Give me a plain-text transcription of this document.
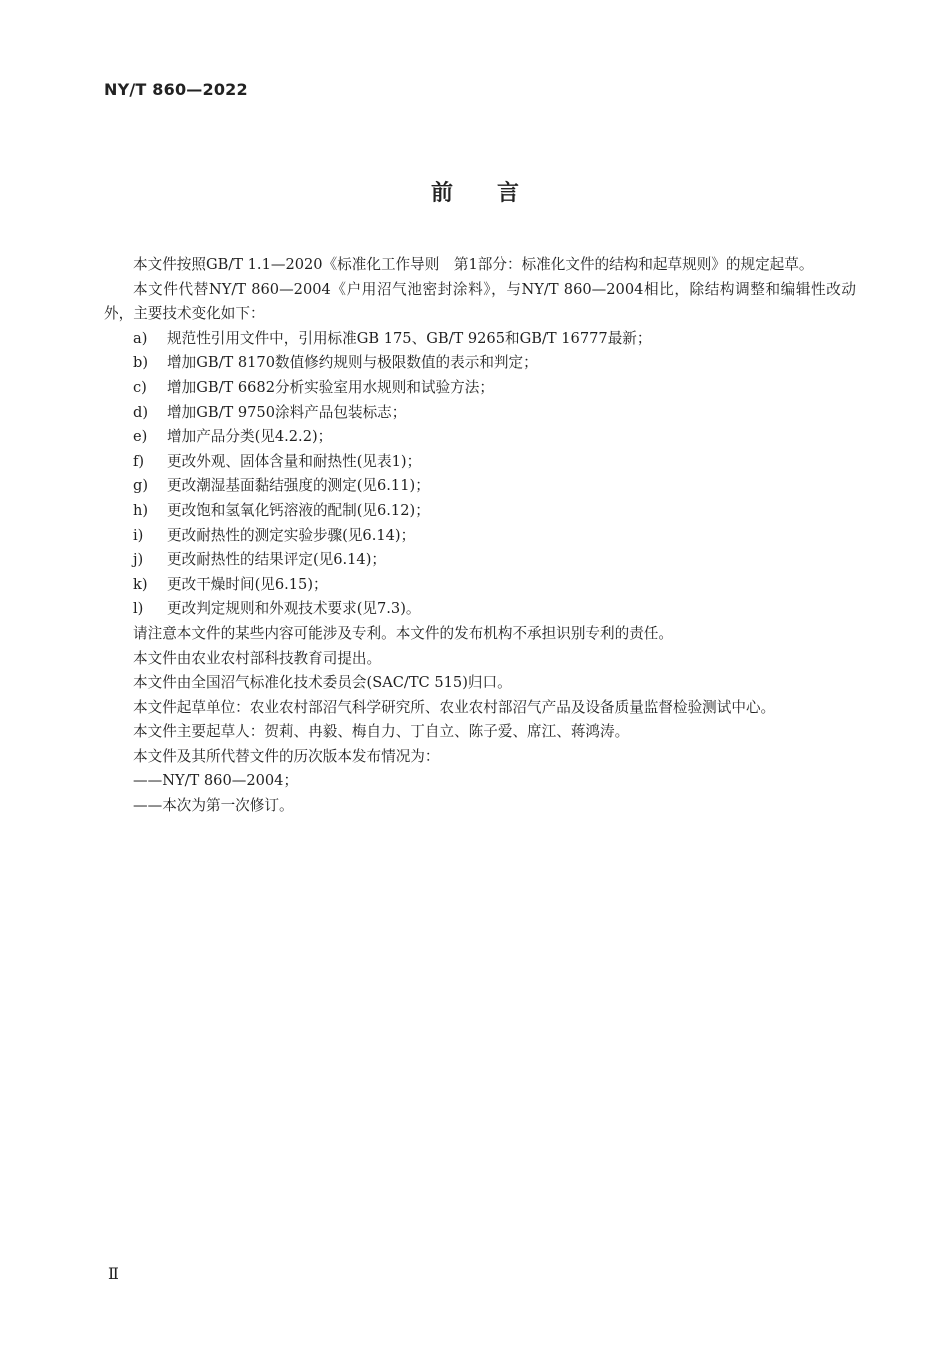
NY/T 860—2022
前言

本文件按照GB/T 1.1—2020《标准化工作导则　第1部分：标准化文件的结构和起草规则》的规定起草。

本文件代替NY/T 860—2004《户用沼气池密封涂料》，与NY/T 860—2004相比，除结构调整和编辑性改动外，主要技术变化如下：

a) 规范性引用文件中，引用标准GB 175、GB/T 9265和GB/T 16777最新；
b) 增加GB/T 8170数值修约规则与极限数值的表示和判定；
c) 增加GB/T 6682分析实验室用水规则和试验方法；
d) 增加GB/T 9750涂料产品包装标志；
e) 增加产品分类(见4.2.2)；
f) 更改外观、固体含量和耐热性(见表1)；
g) 更改潮湿基面黏结强度的测定(见6.11)；
h) 更改饱和氢氧化钙溶液的配制(见6.12)；
i) 更改耐热性的测定实验步骤(见6.14)；
j) 更改耐热性的结果评定(见6.14)；
k) 更改干燥时间(见6.15)；
l) 更改判定规则和外观技术要求(见7.3)。

请注意本文件的某些内容可能涉及专利。本文件的发布机构不承担识别专利的责任。

本文件由农业农村部科技教育司提出。

本文件由全国沼气标准化技术委员会(SAC/TC 515)归口。

本文件起草单位：农业农村部沼气科学研究所、农业农村部沼气产品及设备质量监督检验测试中心。

本文件主要起草人：贺莉、冉毅、梅自力、丁自立、陈子爱、席江、蒋鸿涛。

本文件及其所代替文件的历次版本发布情况为：

——NY/T 860—2004；

——本次为第一次修订。

Ⅱ
